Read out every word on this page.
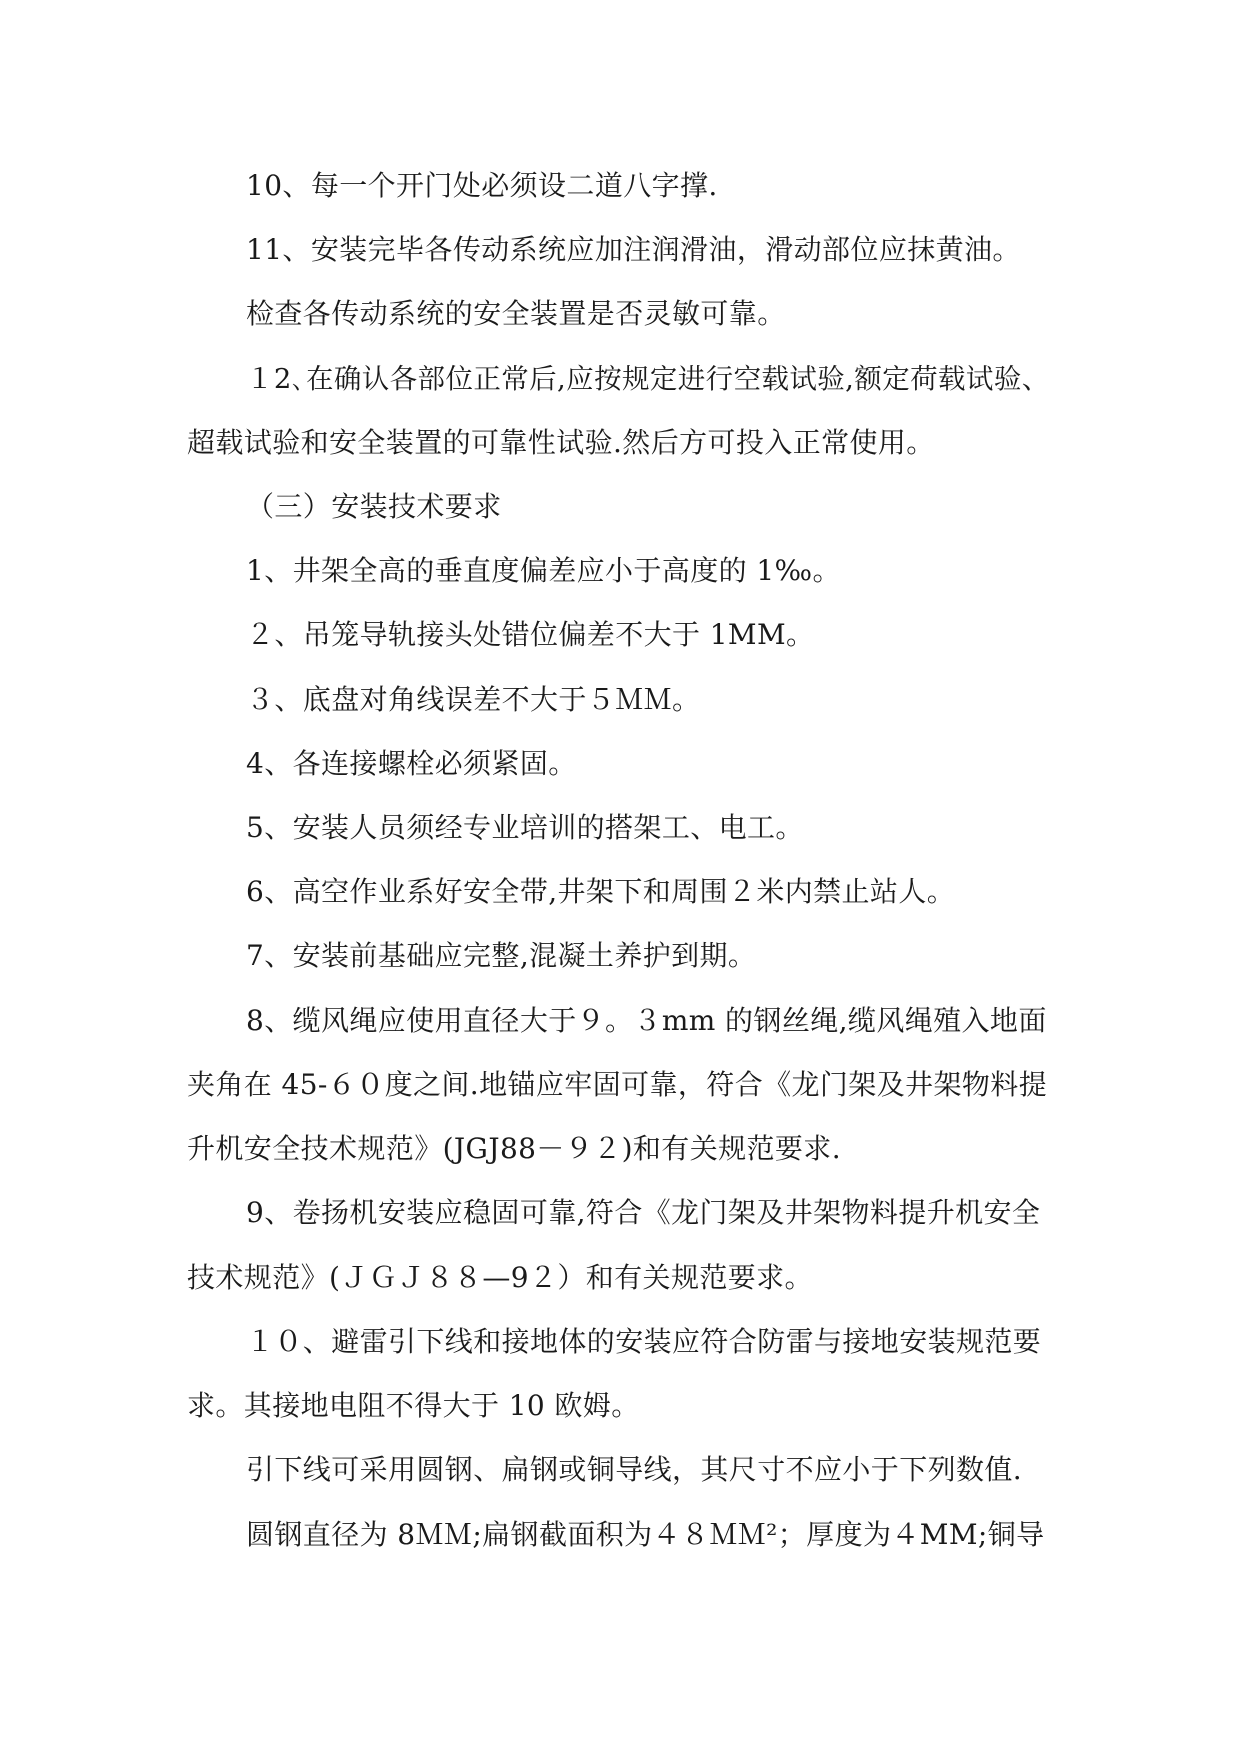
10、每一个开门处必须设二道八字撑.

11、安装完毕各传动系统应加注润滑油，滑动部位应抹黄油。

检查各传动系统的安全装置是否灵敏可靠。

１2､在确认各部位正常后,应按规定进行空载试验,额定荷载试验、

超载试验和安全装置的可靠性试验.然后方可投入正常使用。

（三）安装技术要求

1、井架全高的垂直度偏差应小于高度的 1‰。

２、吊笼导轨接头处错位偏差不大于 1MM。

３、底盘对角线误差不大于５ＭＭ。

4、各连接螺栓必须紧固。

5、安装人员须经专业培训的搭架工、电工。

6、高空作业系好安全带,井架下和周围２米内禁止站人。

7、安装前基础应完整,混凝土养护到期。

8、缆风绳应使用直径大于９。３mm 的钢丝绳,缆风绳殖入地面

夹角在 45-６０度之间.地锚应牢固可靠，符合《龙门架及井架物料提

升机安全技术规范》(JGJ88－９２)和有关规范要求.

9、卷扬机安装应稳固可靠,符合《龙门架及井架物料提升机安全

技术规范》(ＪＧＪ８８—9２）和有关规范要求。

１０、避雷引下线和接地体的安装应符合防雷与接地安装规范要

求。其接地电阻不得大于 10 欧姆。

引下线可采用圆钢、扁钢或铜导线，其尺寸不应小于下列数值.

圆钢直径为 8ＭＭ;扁钢截面积为４８ＭＭ²；厚度为４MM;铜导
